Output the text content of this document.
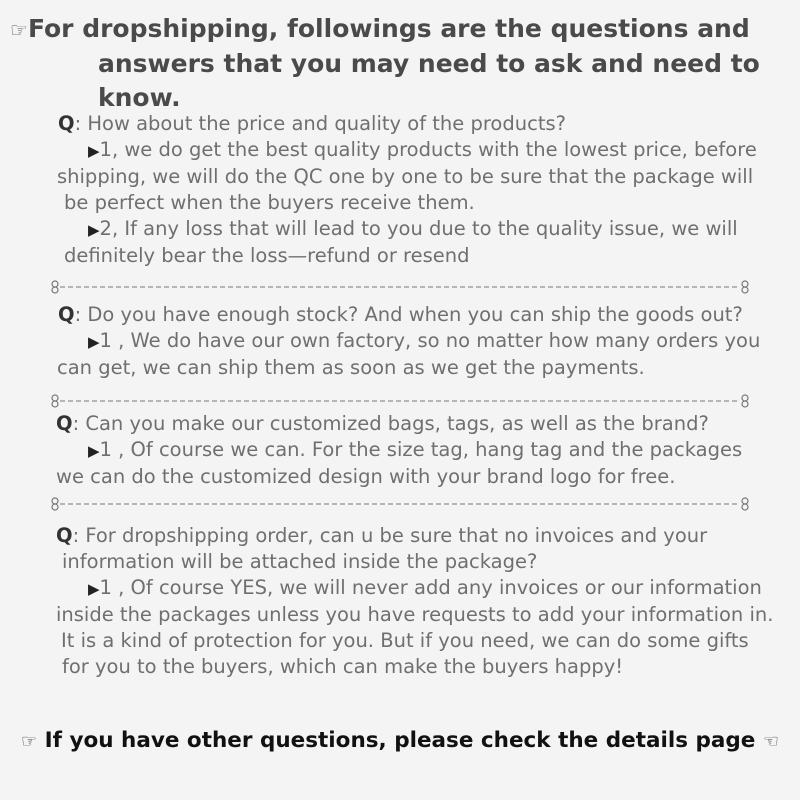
☞For dropshipping, followings are the questions and
answers that you may need to ask and need to know.
Q: How about the price and quality of the products?
▶1, we do get the best quality products with the lowest price, before
shipping, we will do the QC one by one to be sure that the package will
be perfect when the buyers receive them.
▶2, If any loss that will lead to you due to the quality issue, we will
definitely bear the loss—refund or resend
Q: Do you have enough stock? And when you can ship the goods out?
▶1 , We do have our own factory, so no matter how many orders you
can get, we can ship them as soon as we get the payments.
Q: Can you make our customized bags, tags, as well as the brand?
▶1 , Of course we can. For the size tag, hang tag and the packages
we can do the customized design with your brand logo for free.
Q: For dropshipping order, can u be sure that no invoices and your
information will be attached inside the package?
▶1 , Of course YES, we will never add any invoices or our information
inside the packages unless you have requests to add your information in.
It is a kind of protection for you. But if you need, we can do some gifts
for you to the buyers, which can make the buyers happy!
☞ If you have other questions, please check the details page ☜
